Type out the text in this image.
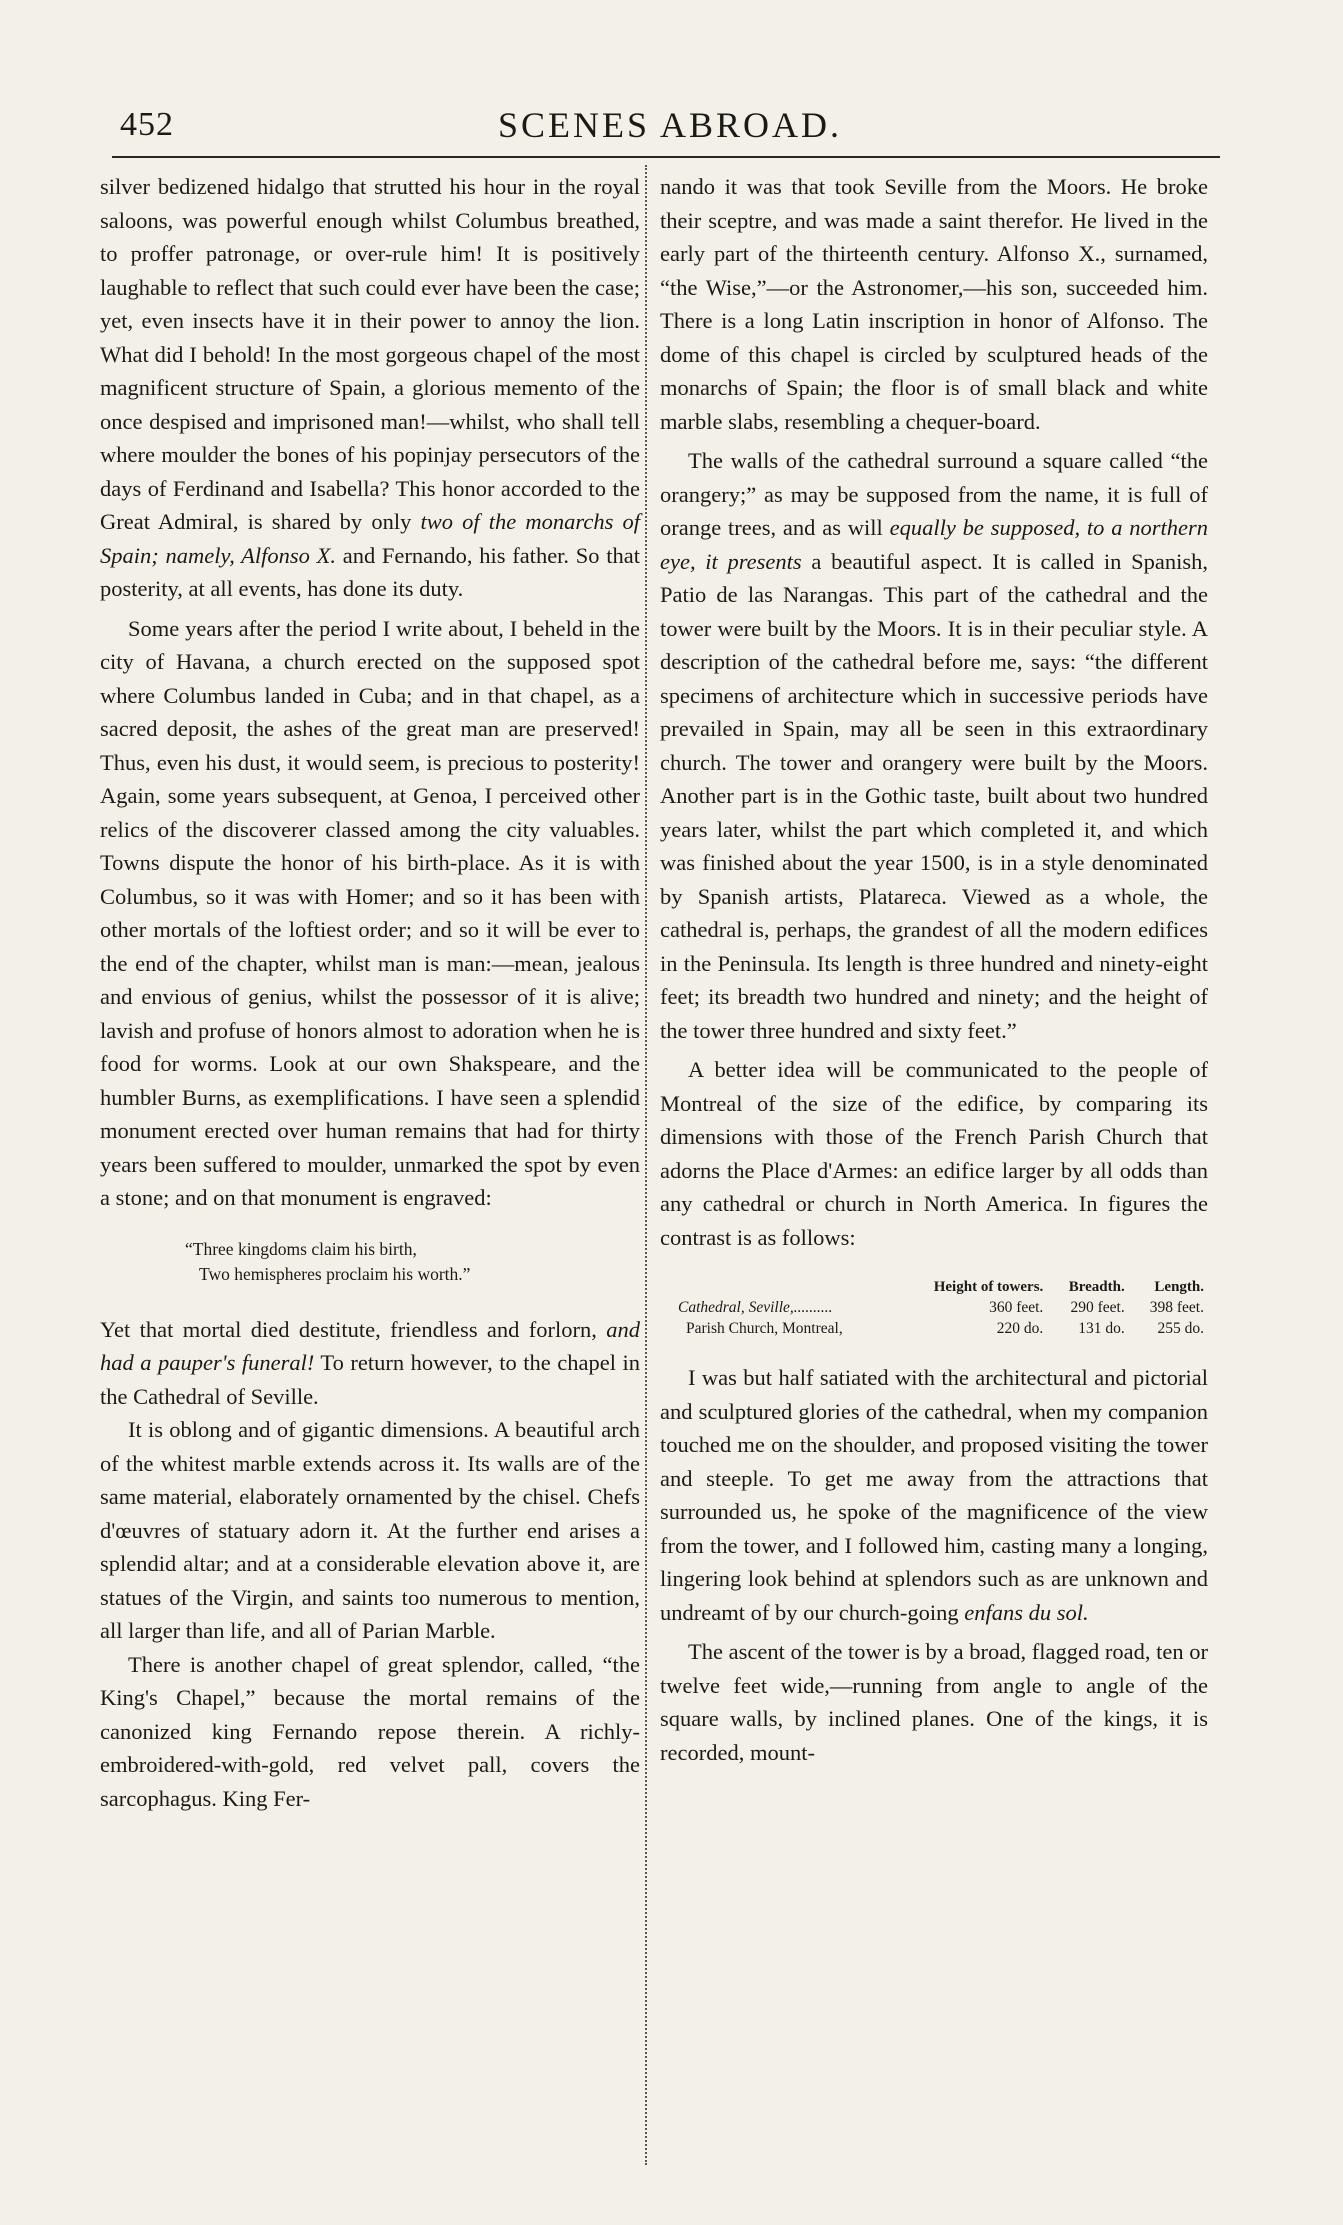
452	SCENES ABROAD.

silver bedizened hidalgo that strutted his hour in the royal saloons, was powerful enough whilst Columbus breathed, to proffer patronage, or over-rule him! It is positively laughable to reflect that such could ever have been the case; yet, even insects have it in their power to annoy the lion. What did I behold! In the most gorgeous chapel of the most magnificent structure of Spain, a glorious memento of the once despised and imprisoned man!—whilst, who shall tell where moulder the bones of his popinjay persecutors of the days of Ferdinand and Isabella? This honor accorded to the Great Admiral, is shared by only two of the monarchs of Spain; namely, Alfonso X. and Fernando, his father. So that posterity, at all events, has done its duty.

Some years after the period I write about, I beheld in the city of Havana, a church erected on the supposed spot where Columbus landed in Cuba; and in that chapel, as a sacred deposit, the ashes of the great man are preserved! Thus, even his dust, it would seem, is precious to posterity! Again, some years subsequent, at Genoa, I perceived other relics of the discoverer classed among the city valuables. Towns dispute the honor of his birth-place. As it is with Columbus, so it was with Homer; and so it has been with other mortals of the loftiest order; and so it will be ever to the end of the chapter, whilst man is man:—mean, jealous and envious of genius, whilst the possessor of it is alive; lavish and profuse of honors almost to adoration when he is food for worms. Look at our own Shakspeare, and the humbler Burns, as exemplifications. I have seen a splendid monument erected over human remains that had for thirty years been suffered to moulder, unmarked the spot by even a stone; and on that monument is engraved:

“Three kingdoms claim his birth,
Two hemispheres proclaim his worth.”

Yet that mortal died destitute, friendless and forlorn, and had a pauper's funeral! To return however, to the chapel in the Cathedral of Seville.

It is oblong and of gigantic dimensions. A beautiful arch of the whitest marble extends across it. Its walls are of the same material, elaborately ornamented by the chisel. Chefs d'œuvres of statuary adorn it. At the further end arises a splendid altar; and at a considerable elevation above it, are statues of the Virgin, and saints too numerous to mention, all larger than life, and all of Parian Marble.

There is another chapel of great splendor, called, “the King's Chapel,” because the mortal remains of the canonized king Fernando repose therein. A richly-embroidered-with-gold, red velvet pall, covers the sarcophagus. King Fer-

nando it was that took Seville from the Moors. He broke their sceptre, and was made a saint therefor. He lived in the early part of the thirteenth century. Alfonso X., surnamed, “the Wise,”—or the Astronomer,—his son, succeeded him. There is a long Latin inscription in honor of Alfonso. The dome of this chapel is circled by sculptured heads of the monarchs of Spain; the floor is of small black and white marble slabs, resembling a chequer-board.

The walls of the cathedral surround a square called “the orangery;” as may be supposed from the name, it is full of orange trees, and as will equally be supposed, to a northern eye, it presents a beautiful aspect. It is called in Spanish, Patio de las Narangas. This part of the cathedral and the tower were built by the Moors. It is in their peculiar style. A description of the cathedral before me, says: “the different specimens of architecture which in successive periods have prevailed in Spain, may all be seen in this extraordinary church. The tower and orangery were built by the Moors. Another part is in the Gothic taste, built about two hundred years later, whilst the part which completed it, and which was finished about the year 1500, is in a style denominated by Spanish artists, Platareca. Viewed as a whole, the cathedral is, perhaps, the grandest of all the modern edifices in the Peninsula. Its length is three hundred and ninety-eight feet; its breadth two hundred and ninety; and the height of the tower three hundred and sixty feet.”

A better idea will be communicated to the people of Montreal of the size of the edifice, by comparing its dimensions with those of the French Parish Church that adorns the Place d'Armes: an edifice larger by all odds than any cathedral or church in North America. In figures the contrast is as follows:

	Height of towers.	Breadth.	Length.
Cathedral, Seville,..........	360 feet.	290 feet.	398 feet.
Parish Church, Montreal,	220 do.	131 do.	255 do.

I was but half satiated with the architectural and pictorial and sculptured glories of the cathedral, when my companion touched me on the shoulder, and proposed visiting the tower and steeple. To get me away from the attractions that surrounded us, he spoke of the magnificence of the view from the tower, and I followed him, casting many a longing, lingering look behind at splendors such as are unknown and undreamt of by our church-going enfans du sol.

The ascent of the tower is by a broad, flagged road, ten or twelve feet wide,—running from angle to angle of the square walls, by inclined planes. One of the kings, it is recorded, mount-
